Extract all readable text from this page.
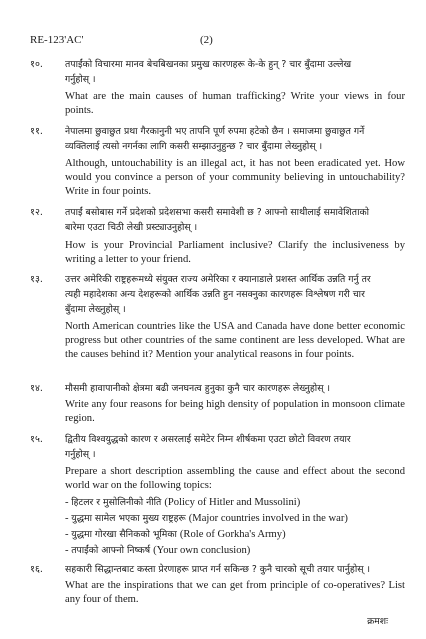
RE-123'AC'	(2)
१०. तपाईंको विचारमा मानव बेचबिखनका प्रमुख कारणहरू के-के हुन् ? चार बुँदामा उल्लेख
गर्नुहोस् ।
What are the main causes of human trafficking? Write your views in four points.
११. नेपालमा छुवाछुत प्रथा गैरकानुनी भए तापनि पूर्ण रुपमा हटेको छैन । समाजमा छुवाछुत गर्ने
व्यक्तिलाई त्यसो नगर्नका लागि कसरी सम्झाउनुहुन्छ ? चार बुँदामा लेख्नुहोस् ।
Although, untouchability is an illegal act, it has not been eradicated yet. How would you convince a person of your community believing in untouchability? Write in four points.
१२. तपाईं बसोबास गर्ने प्रदेशको प्रदेशसभा कसरी समावेशी छ ? आफ्नो साथीलाई समावेशिताको
बारेमा एउटा चिठी लेखी प्रस्ट्याउनुहोस् ।
How is your Provincial Parliament inclusive? Clarify the inclusiveness by writing a letter to your friend.
१३. उत्तर अमेरिकी राष्ट्रहरूमध्ये संयुक्त राज्य अमेरिका र क्यानाडाले प्रशस्त आर्थिक उन्नति गर्नु तर
त्यही महादेशका अन्य देशहरूको आर्थिक उन्नति हुन नसक्नुका कारणहरू विश्लेषण गरी चार
बुँदामा लेख्नुहोस् ।
North American countries like the USA and Canada have done better economic progress but other countries of the same continent are less developed. What are the causes behind it? Mention your analytical reasons in four points.
१४. मौसमी हावापानीको क्षेत्रमा बढी जनघनत्व हुनुका कुनै चार कारणहरू लेख्नुहोस् ।
Write any four reasons for being high density of population in monsoon climate region.
१५. द्वितीय विश्वयुद्धको कारण र असरलाई समेटेर निम्न शीर्षकमा एउटा छोटो विवरण तयार
गर्नुहोस् ।
Prepare a short description assembling the cause and effect about the second world war on the following topics:
- हिटलर र मुसोलिनीको नीति (Policy of Hitler and Mussolini)
- युद्धमा सामेल भएका मुख्य राष्ट्रहरू (Major countries involved in the war)
- युद्धमा गोरखा सैनिकको भूमिका (Role of Gorkha's Army)
- तपाईंको आफ्नो निष्कर्ष (Your own conclusion)
१६. सहकारी सिद्धान्तबाट कस्ता प्रेरणाहरू प्राप्त गर्न सकिन्छ ? कुनै चारको सूची तयार पार्नुहोस् ।
What are the inspirations that we can get from principle of co-operatives? List any four of them.
क्रमशः
